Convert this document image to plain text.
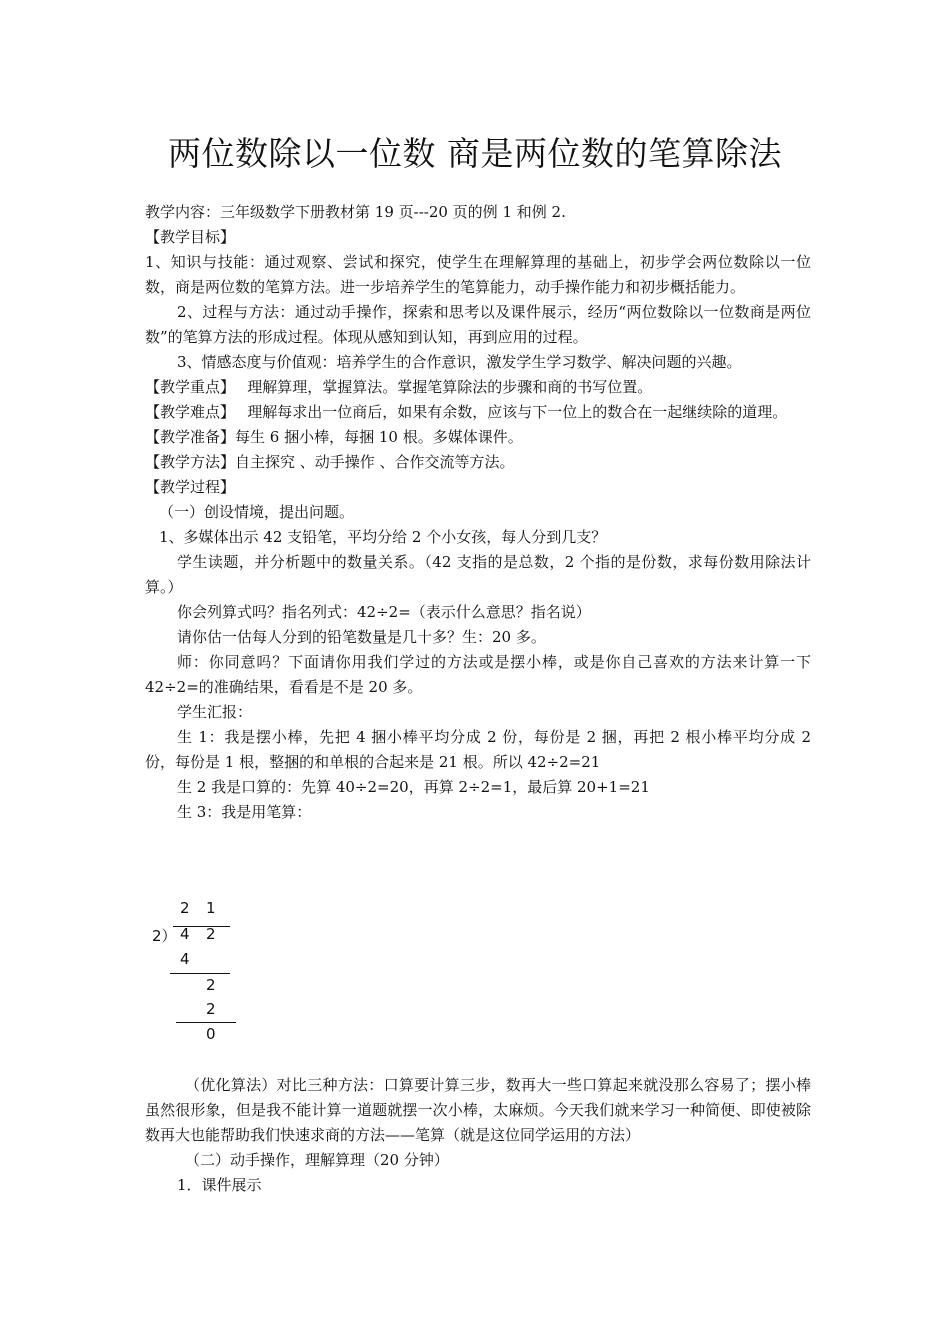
两位数除以一位数 商是两位数的笔算除法

教学内容：三年级数学下册教材第 19 页---20 页的例 1 和例 2.

【教学目标】

1、知识与技能：通过观察、尝试和探究，使学生在理解算理的基础上，初步学会两位数除以一位数，商是两位数的笔算方法。进一步培养学生的笔算能力，动手操作能力和初步概括能力。

2、过程与方法：通过动手操作，探索和思考以及课件展示，经历“两位数除以一位数商是两位数”的笔算方法的形成过程。体现从感知到认知，再到应用的过程。

3、情感态度与价值观：培养学生的合作意识，激发学生学习数学、解决问题的兴趣。

【教学重点】　 理解算理，掌握算法。掌握笔算除法的步骤和商的书写位置。

【教学难点】　 理解每求出一位商后，如果有余数，应该与下一位上的数合在一起继续除的道理。

【教学准备】每生 6 捆小棒，每捆 10 根。多媒体课件。

【教学方法】自主探究 、动手操作 、合作交流等方法。

【教学过程】

（一）创设情境，提出问题。

1、多媒体出示 42 支铅笔，平均分给 2 个小女孩，每人分到几支？

学生读题，并分析题中的数量关系。（42 支指的是总数，2 个指的是份数，求每份数用除法计算。）

你会列算式吗？指名列式：42÷2=（表示什么意思？指名说）

请你估一估每人分到的铅笔数量是几十多？生：20 多。

师：你同意吗？下面请你用我们学过的方法或是摆小棒，或是你自己喜欢的方法来计算一下 42÷2=的准确结果，看看是不是 20 多。

学生汇报：

生 1：我是摆小棒，先把 4 捆小棒平均分成 2 份，每份是 2 捆，再把 2 根小棒平均分成 2 份，每份是 1 根，整捆的和单根的合起来是 21 根。所以 42÷2=21

生 2 我是口算的：先算 40÷2=20，再算 2÷2=1，最后算 20+1=21

生 3：我是用笔算：

2 1
2） 4 2
4
2
2
0

（优化算法）对比三种方法：口算要计算三步，数再大一些口算起来就没那么容易了；摆小棒虽然很形象，但是我不能计算一道题就摆一次小棒，太麻烦。今天我们就来学习一种简便、即使被除数再大也能帮助我们快速求商的方法——笔算（就是这位同学运用的方法）

（二）动手操作，理解算理（20 分钟）

1．课件展示
